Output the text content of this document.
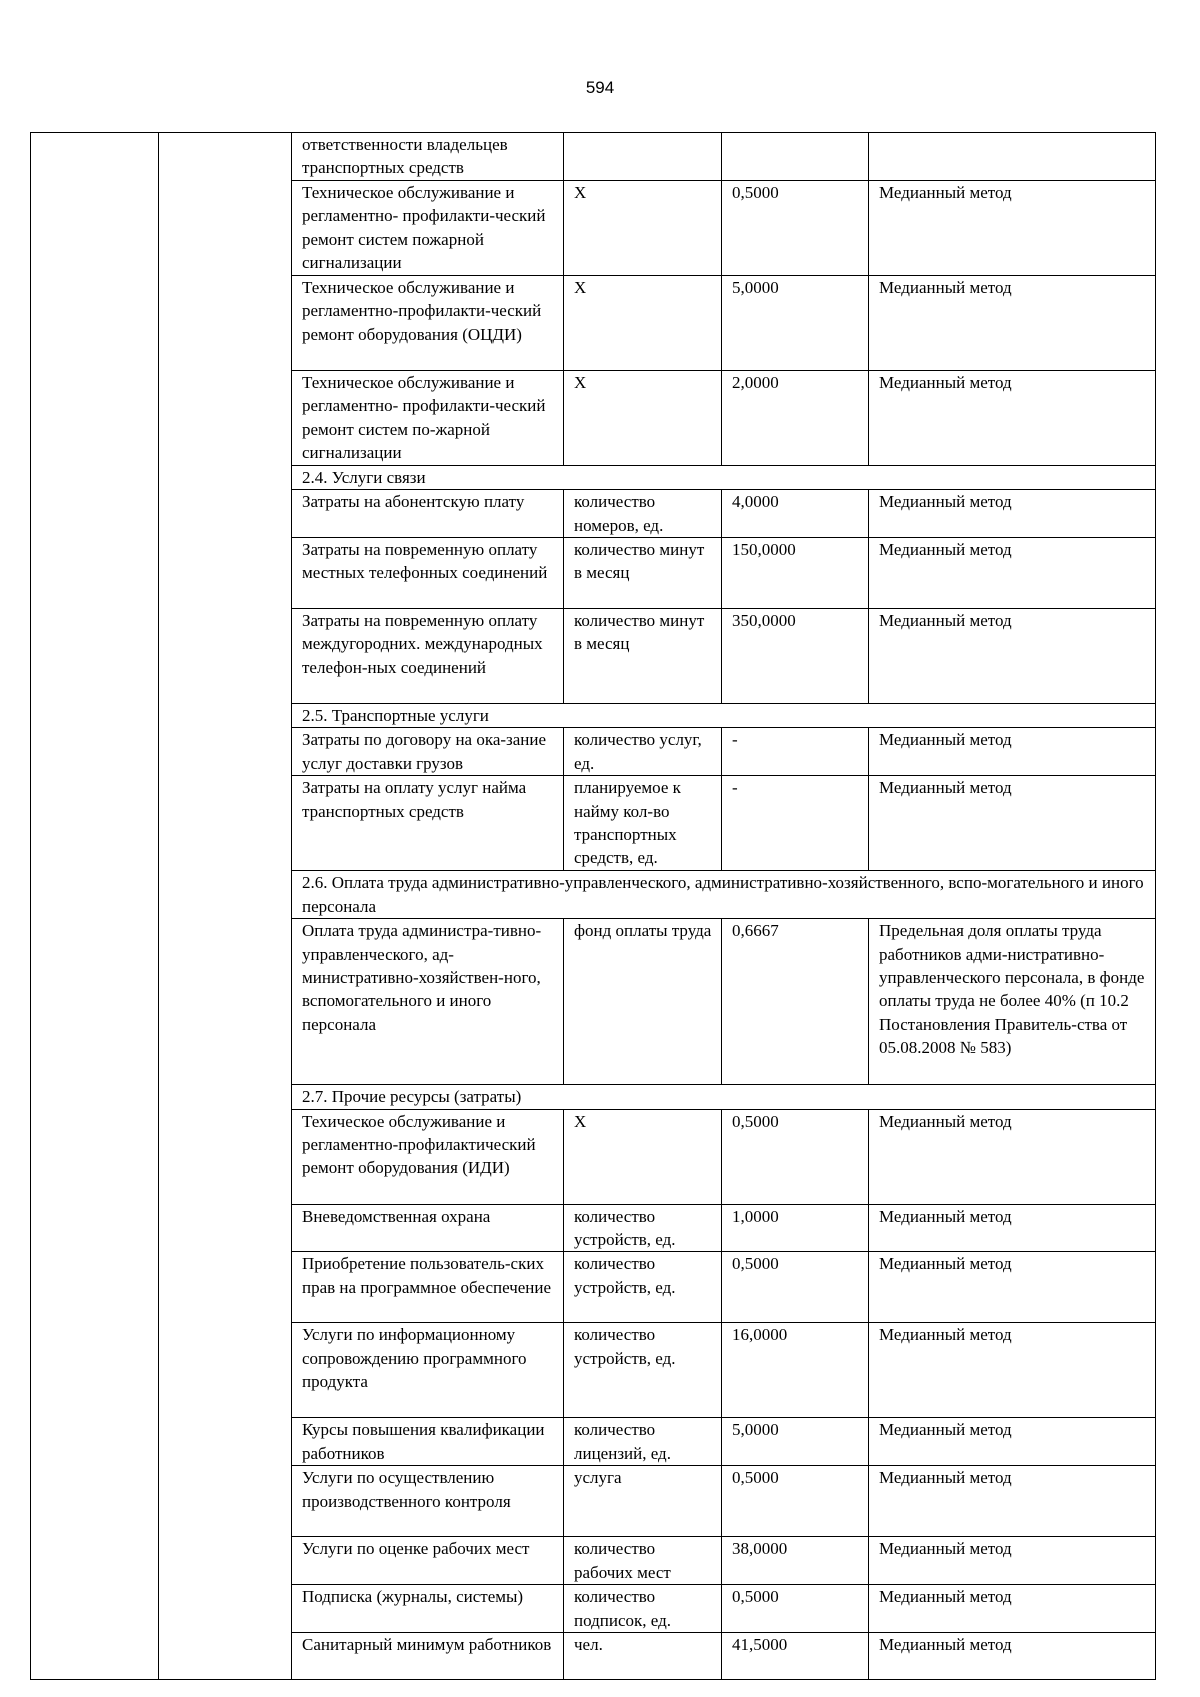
594
		ответственности владельцев транспортных средств			
		Техническое обслуживание и регламентно- профилакти-ческий ремонт систем пожарной сигнализации	Х	0,5000	Медианный метод
		Техническое обслуживание и регламентно-профилакти-ческий ремонт оборудования (ОЦДИ)	Х	5,0000	Медианный метод
		Техническое обслуживание и регламентно- профилакти-ческий ремонт систем по-жарной сигнализации	Х	2,0000	Медианный метод
		2.4. Услуги связи			
		Затраты на абонентскую плату	количество номеров, ед.	4,0000	Медианный метод
		Затраты на повременную оплату местных телефонных соединений	количество минут в месяц	150,0000	Медианный метод
		Затраты на повременную оплату междугородних. международных телефон-ных соединений	количество минут в месяц	350,0000	Медианный метод
		2.5. Транспортные услуги			
		Затраты по договору на ока-зание услуг доставки грузов	количество услуг, ед.	-	Медианный метод
		Затраты на оплату услуг найма транспортных средств	планируемое к найму кол-во транспортных средств, ед.	-	Медианный метод
		2.6. Оплата труда административно-управленческого, административно-хозяйственного, вспо-могательного и иного персонала			
		Оплата труда администра-тивно-управленческого, ад-министративно-хозяйствен-ного, вспомогательного и иного персонала	фонд оплаты труда	0,6667	Предельная доля оплаты труда работников адми-нистративно-управленческого персонала, в фонде оплаты труда не более 40% (п 10.2 Постановления Правитель-ства от 05.08.2008 № 583)
		2.7. Прочие ресурсы (затраты)			
		Техическое обслуживание и регламентно-профилактический ремонт оборудования (ИДИ)	Х	0,5000	Медианный метод
		Вневедомственная охрана	количество устройств, ед.	1,0000	Медианный метод
		Приобретение пользователь-ских прав на программное обеспечение	количество устройств, ед.	0,5000	Медианный метод
		Услуги по информационному сопровождению программного продукта	количество устройств, ед.	16,0000	Медианный метод
		Курсы повышения квалификации работников	количество лицензий, ед.	5,0000	Медианный метод
		Услуги по осуществлению производственного контроля	услуга	0,5000	Медианный метод
		Услуги по оценке рабочих мест	количество рабочих мест	38,0000	Медианный метод
		Подписка (журналы, системы)	количество подписок, ед.	0,5000	Медианный метод
		Санитарный минимум работников	чел.	41,5000	Медианный метод
